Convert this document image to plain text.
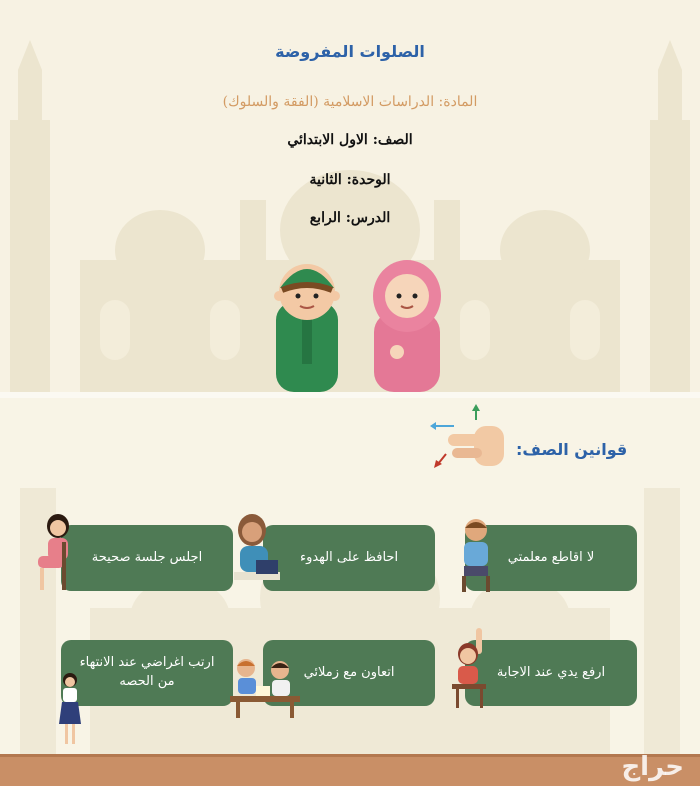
الصلوات المفروضة
المادة: الدراسات الاسلامية (الفقة والسلوك)
الصف: الاول الابتدائي
الوحدة: الثانية
الدرس: الرابع
قوانين الصف:
لا اقاطع معلمتي
احافظ على الهدوء
اجلس جلسة صحيحة
ارفع يدي عند الاجابة
اتعاون مع زملائي
ارتب اغراضي عند الانتهاء
من الحصه
حراج
